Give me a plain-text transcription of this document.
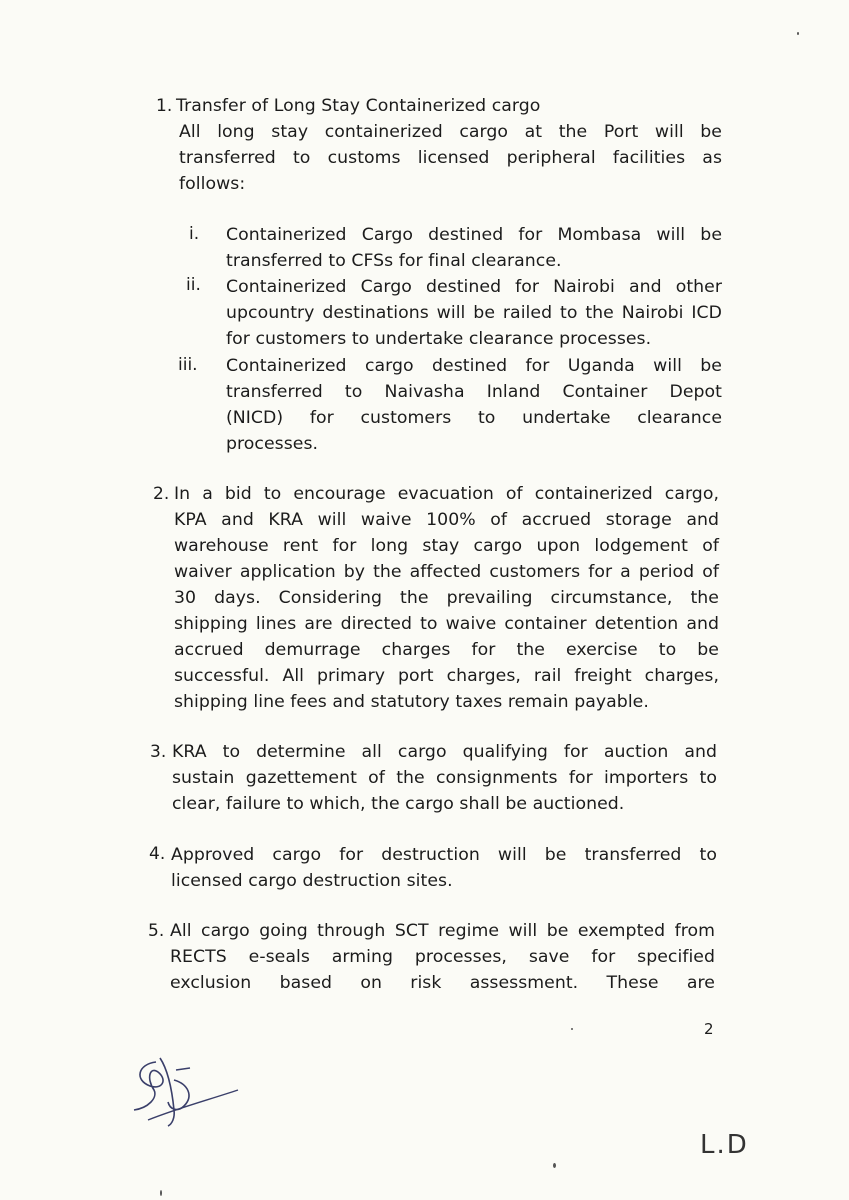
1. Transfer of Long Stay Containerized cargo
All long stay containerized cargo at the Port will be
transferred to customs licensed peripheral facilities as
follows:
i. Containerized Cargo destined for Mombasa will be
transferred to CFSs for final clearance.
ii. Containerized Cargo destined for Nairobi and other
upcountry destinations will be railed to the Nairobi ICD
for customers to undertake clearance processes.
iii. Containerized cargo destined for Uganda will be
transferred to Naivasha Inland Container Depot
(NICD) for customers to undertake clearance
processes.
2. In a bid to encourage evacuation of containerized cargo,
KPA and KRA will waive 100% of accrued storage and
warehouse rent for long stay cargo upon lodgement of
waiver application by the affected customers for a period of
30 days. Considering the prevailing circumstance, the
shipping lines are directed to waive container detention and
accrued demurrage charges for the exercise to be
successful. All primary port charges, rail freight charges,
shipping line fees and statutory taxes remain payable.
3. KRA to determine all cargo qualifying for auction and
sustain gazettement of the consignments for importers to
clear, failure to which, the cargo shall be auctioned.
4. Approved cargo for destruction will be transferred to
licensed cargo destruction sites.
5. All cargo going through SCT regime will be exempted from
RECTS e-seals arming processes, save for specified
exclusion based on risk assessment. These are
2
L.D
